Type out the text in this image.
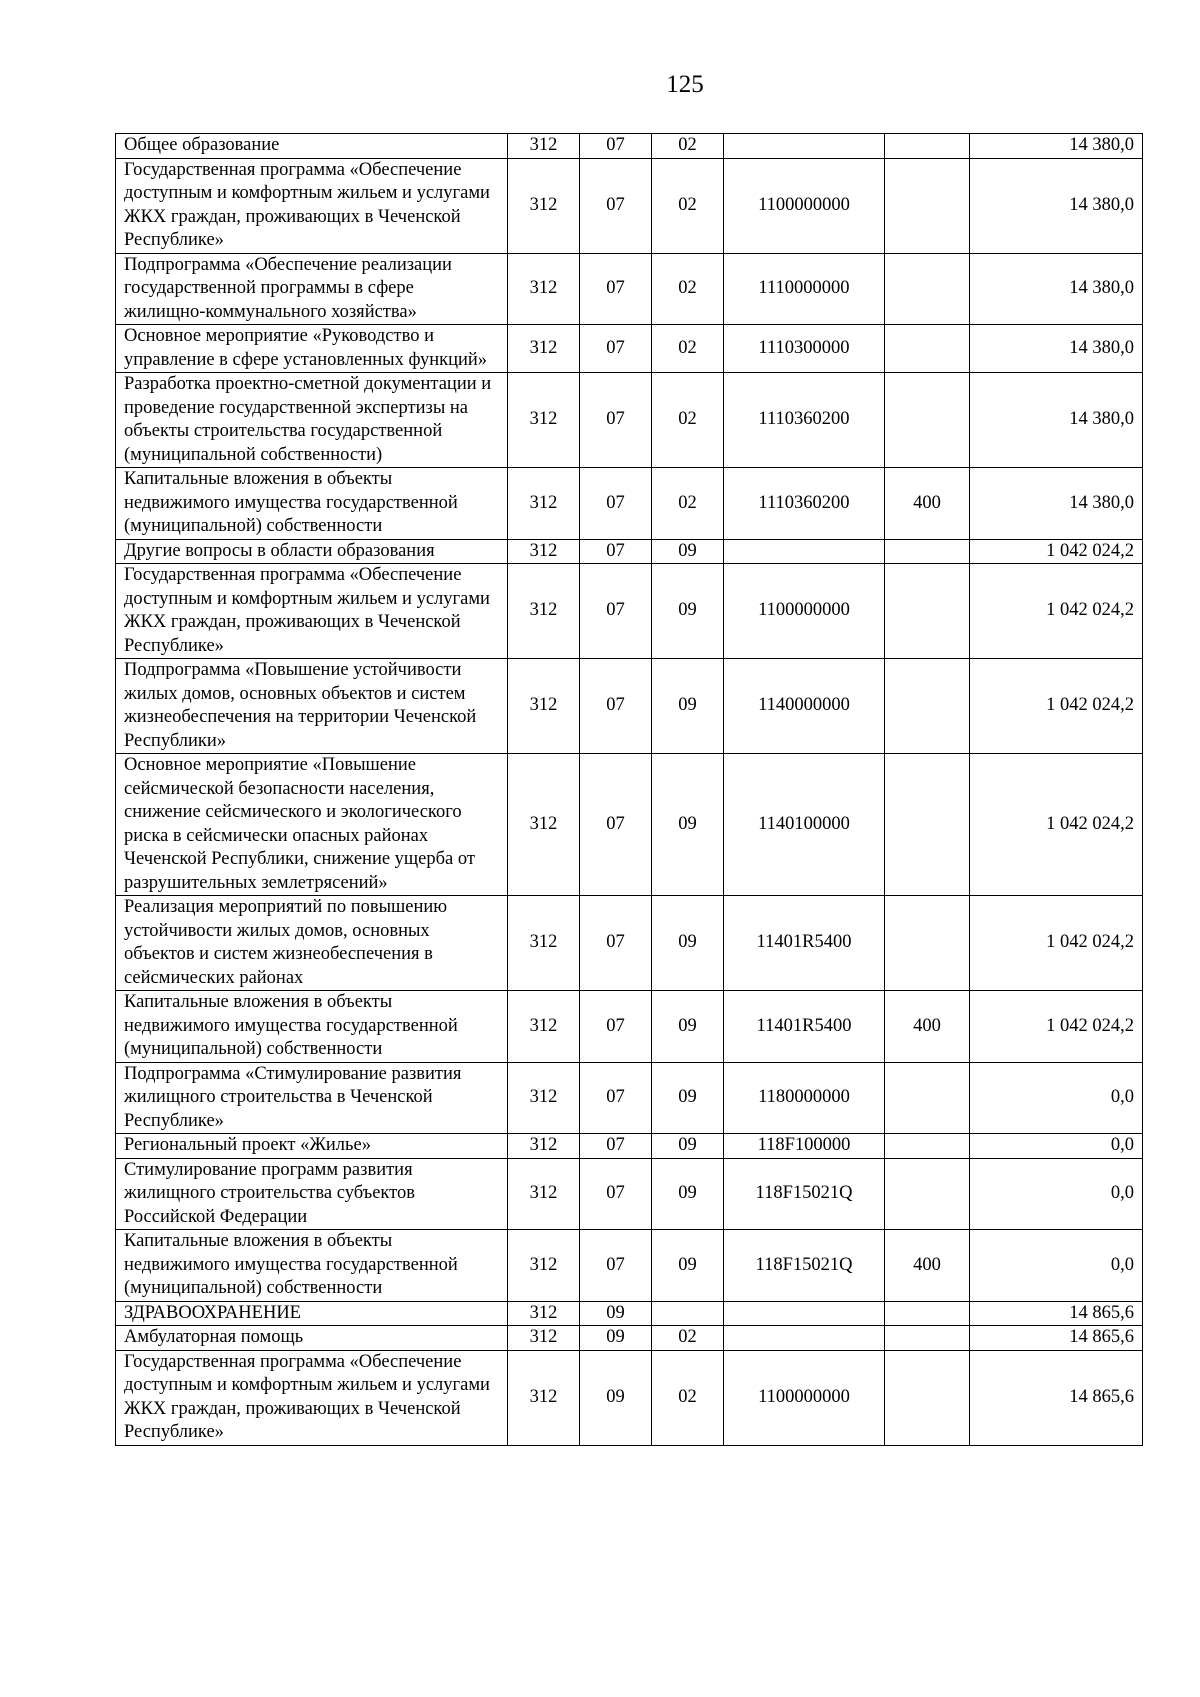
125
Общее образование	312	07	02			14 380,0
Государственная программа «Обеспечение доступным и комфортным жильем и услугами ЖКХ граждан, проживающих в Чеченской Республике»	312	07	02	1100000000		14 380,0
Подпрограмма «Обеспечение реализации государственной программы в сфере жилищно-коммунального хозяйства»	312	07	02	1110000000		14 380,0
Основное мероприятие «Руководство и управление в сфере установленных функций»	312	07	02	1110300000		14 380,0
Разработка проектно-сметной документации и проведение государственной экспертизы на объекты строительства государственной (муниципальной собственности)	312	07	02	1110360200		14 380,0
Капитальные вложения в объекты недвижимого имущества государственной (муниципальной) собственности	312	07	02	1110360200	400	14 380,0
Другие вопросы в области образования	312	07	09			1 042 024,2
Государственная программа «Обеспечение доступным и комфортным жильем и услугами ЖКХ граждан, проживающих в Чеченской Республике»	312	07	09	1100000000		1 042 024,2
Подпрограмма «Повышение устойчивости жилых домов, основных объектов и систем жизнеобеспечения на территории Чеченской Республики»	312	07	09	1140000000		1 042 024,2
Основное мероприятие «Повышение сейсмической безопасности населения, снижение сейсмического и экологического риска в сейсмически опасных районах Чеченской Республики, снижение ущерба от разрушительных землетрясений»	312	07	09	1140100000		1 042 024,2
Реализация мероприятий по повышению устойчивости жилых домов, основных объектов и систем жизнеобеспечения в сейсмических районах	312	07	09	11401R5400		1 042 024,2
Капитальные вложения в объекты недвижимого имущества государственной (муниципальной) собственности	312	07	09	11401R5400	400	1 042 024,2
Подпрограмма «Стимулирование развития жилищного строительства в Чеченской Республике»	312	07	09	1180000000		0,0
Региональный проект «Жилье»	312	07	09	118F100000		0,0
Стимулирование программ развития жилищного строительства субъектов Российской Федерации	312	07	09	118F15021Q		0,0
Капитальные вложения в объекты недвижимого имущества государственной (муниципальной) собственности	312	07	09	118F15021Q	400	0,0
ЗДРАВООХРАНЕНИЕ	312	09				14 865,6
Амбулаторная помощь	312	09	02			14 865,6
Государственная программа «Обеспечение доступным и комфортным жильем и услугами ЖКХ граждан, проживающих в Чеченской Республике»	312	09	02	1100000000		14 865,6
